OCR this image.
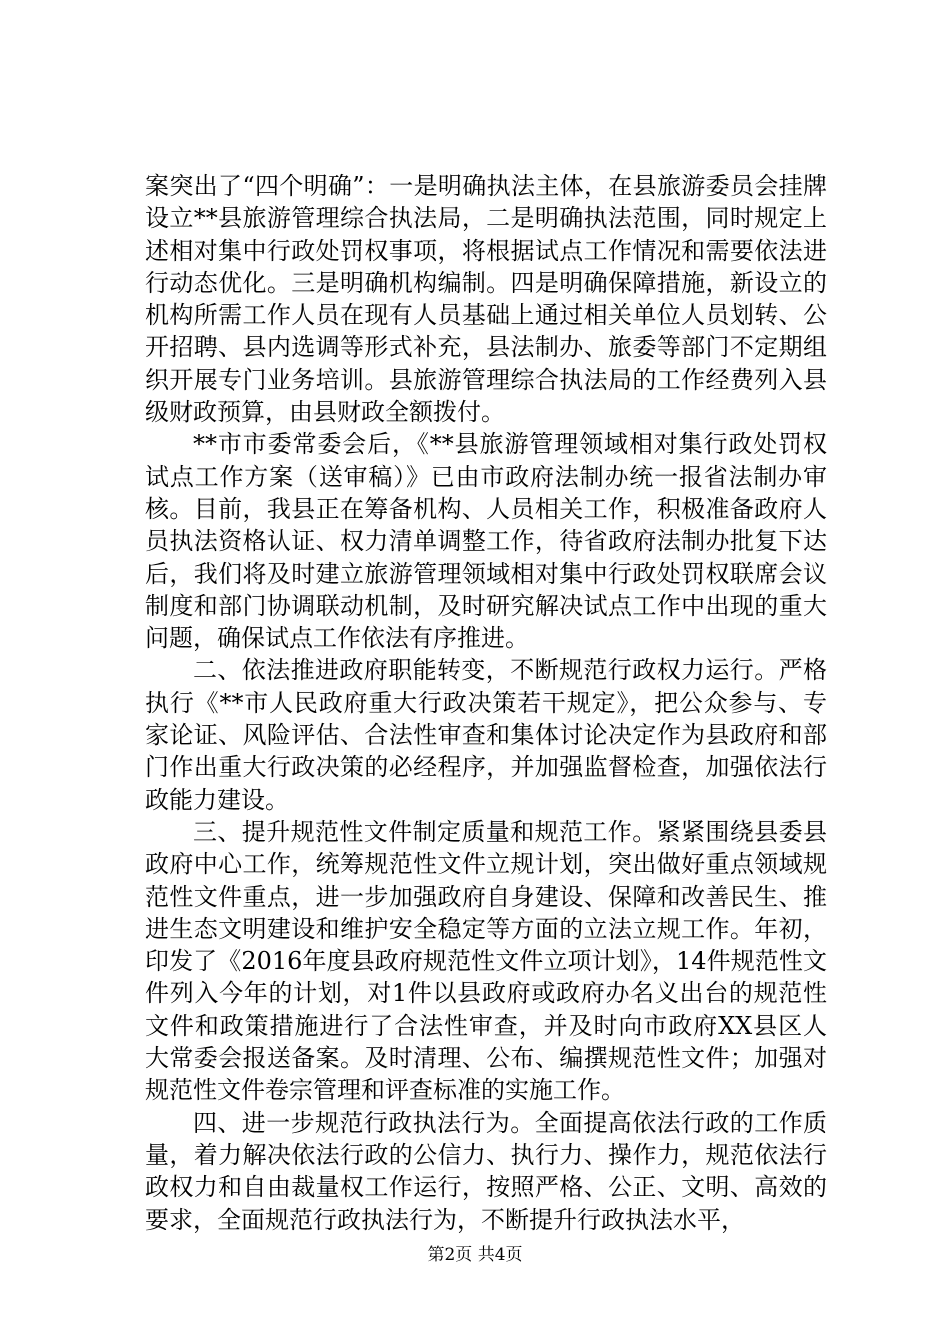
案突出了“四个明确”：一是明确执法主体，在县旅游委员会挂牌设立**县旅游管理综合执法局，二是明确执法范围，同时规定上述相对集中行政处罚权事项，将根据试点工作情况和需要依法进行动态优化。三是明确机构编制。四是明确保障措施，新设立的机构所需工作人员在现有人员基础上通过相关单位人员划转、公开招聘、县内选调等形式补充，县法制办、旅委等部门不定期组织开展专门业务培训。县旅游管理综合执法局的工作经费列入县级财政预算，由县财政全额拨付。

**市市委常委会后，《**县旅游管理领域相对集行政处罚权试点工作方案（送审稿）》已由市政府法制办统一报省法制办审核。目前，我县正在筹备机构、人员相关工作，积极准备政府人员执法资格认证、权力清单调整工作，待省政府法制办批复下达后，我们将及时建立旅游管理领域相对集中行政处罚权联席会议制度和部门协调联动机制，及时研究解决试点工作中出现的重大问题，确保试点工作依法有序推进。

二、依法推进政府职能转变，不断规范行政权力运行。严格执行《**市人民政府重大行政决策若干规定》，把公众参与、专家论证、风险评估、合法性审查和集体讨论决定作为县政府和部门作出重大行政决策的必经程序，并加强监督检查，加强依法行政能力建设。

三、提升规范性文件制定质量和规范工作。紧紧围绕县委县政府中心工作，统筹规范性文件立规计划，突出做好重点领域规范性文件重点，进一步加强政府自身建设、保障和改善民生、推进生态文明建设和维护安全稳定等方面的立法立规工作。年初，印发了《2016年度县政府规范性文件立项计划》，14件规范性文件列入今年的计划，对1件以县政府或政府办名义出台的规范性文件和政策措施进行了合法性审查，并及时向市政府XX县区人大常委会报送备案。及时清理、公布、编撰规范性文件；加强对规范性文件卷宗管理和评查标准的实施工作。

四、进一步规范行政执法行为。全面提高依法行政的工作质量，着力解决依法行政的公信力、执行力、操作力，规范依法行政权力和自由裁量权工作运行，按照严格、公正、文明、高效的要求，全面规范行政执法行为，不断提升行政执法水平，

第2页 共4页
